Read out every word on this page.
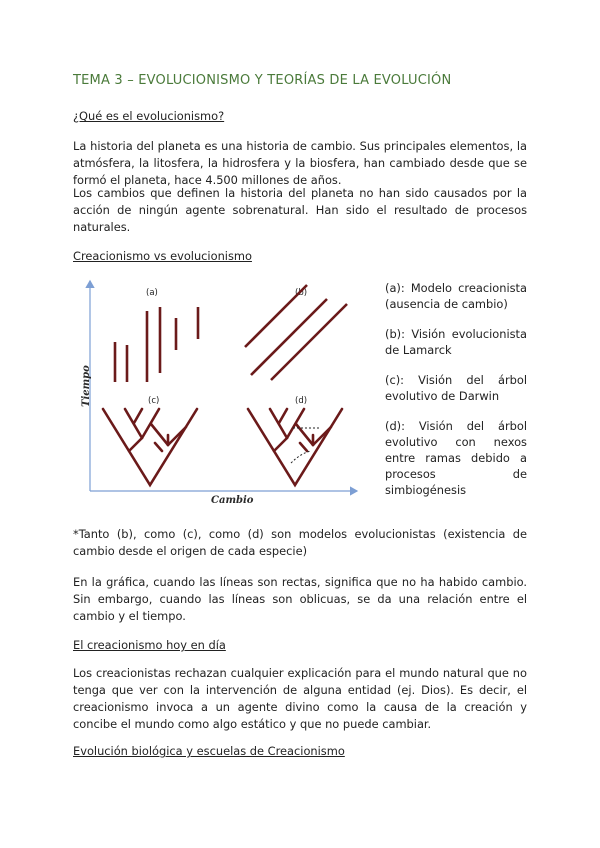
TEMA 3 – EVOLUCIONISMO Y TEORÍAS DE LA EVOLUCIÓN
¿Qué es el evolucionismo?

La historia del planeta es una historia de cambio. Sus principales elementos, la atmósfera, la litosfera, la hidrosfera y la biosfera, han cambiado desde que se formó el planeta, hace 4.500 millones de años.

Los cambios que definen la historia del planeta no han sido causados por la acción de ningún agente sobrenatural. Han sido el resultado de procesos naturales.

Creacionismo vs evolucionismo
Tiempo
Cambio
(a)	(b)
(c)	(d)

(a): Modelo creacionista (ausencia de cambio)

(b): Visión evolucionista de Lamarck

(c): Visión del árbol evolutivo de Darwin

(d): Visión del árbol evolutivo con nexos entre ramas debido a procesos de simbiogénesis

*Tanto (b), como (c), como (d) son modelos evolucionistas (existencia de cambio desde el origen de cada especie)

En la gráfica, cuando las líneas son rectas, significa que no ha habido cambio. Sin embargo, cuando las líneas son oblicuas, se da una relación entre el cambio y el tiempo.

El creacionismo hoy en día

Los creacionistas rechazan cualquier explicación para el mundo natural que no tenga que ver con la intervención de alguna entidad (ej. Dios). Es decir, el creacionismo invoca a un agente divino como la causa de la creación y concibe el mundo como algo estático y que no puede cambiar.

Evolución biológica y escuelas de Creacionismo
